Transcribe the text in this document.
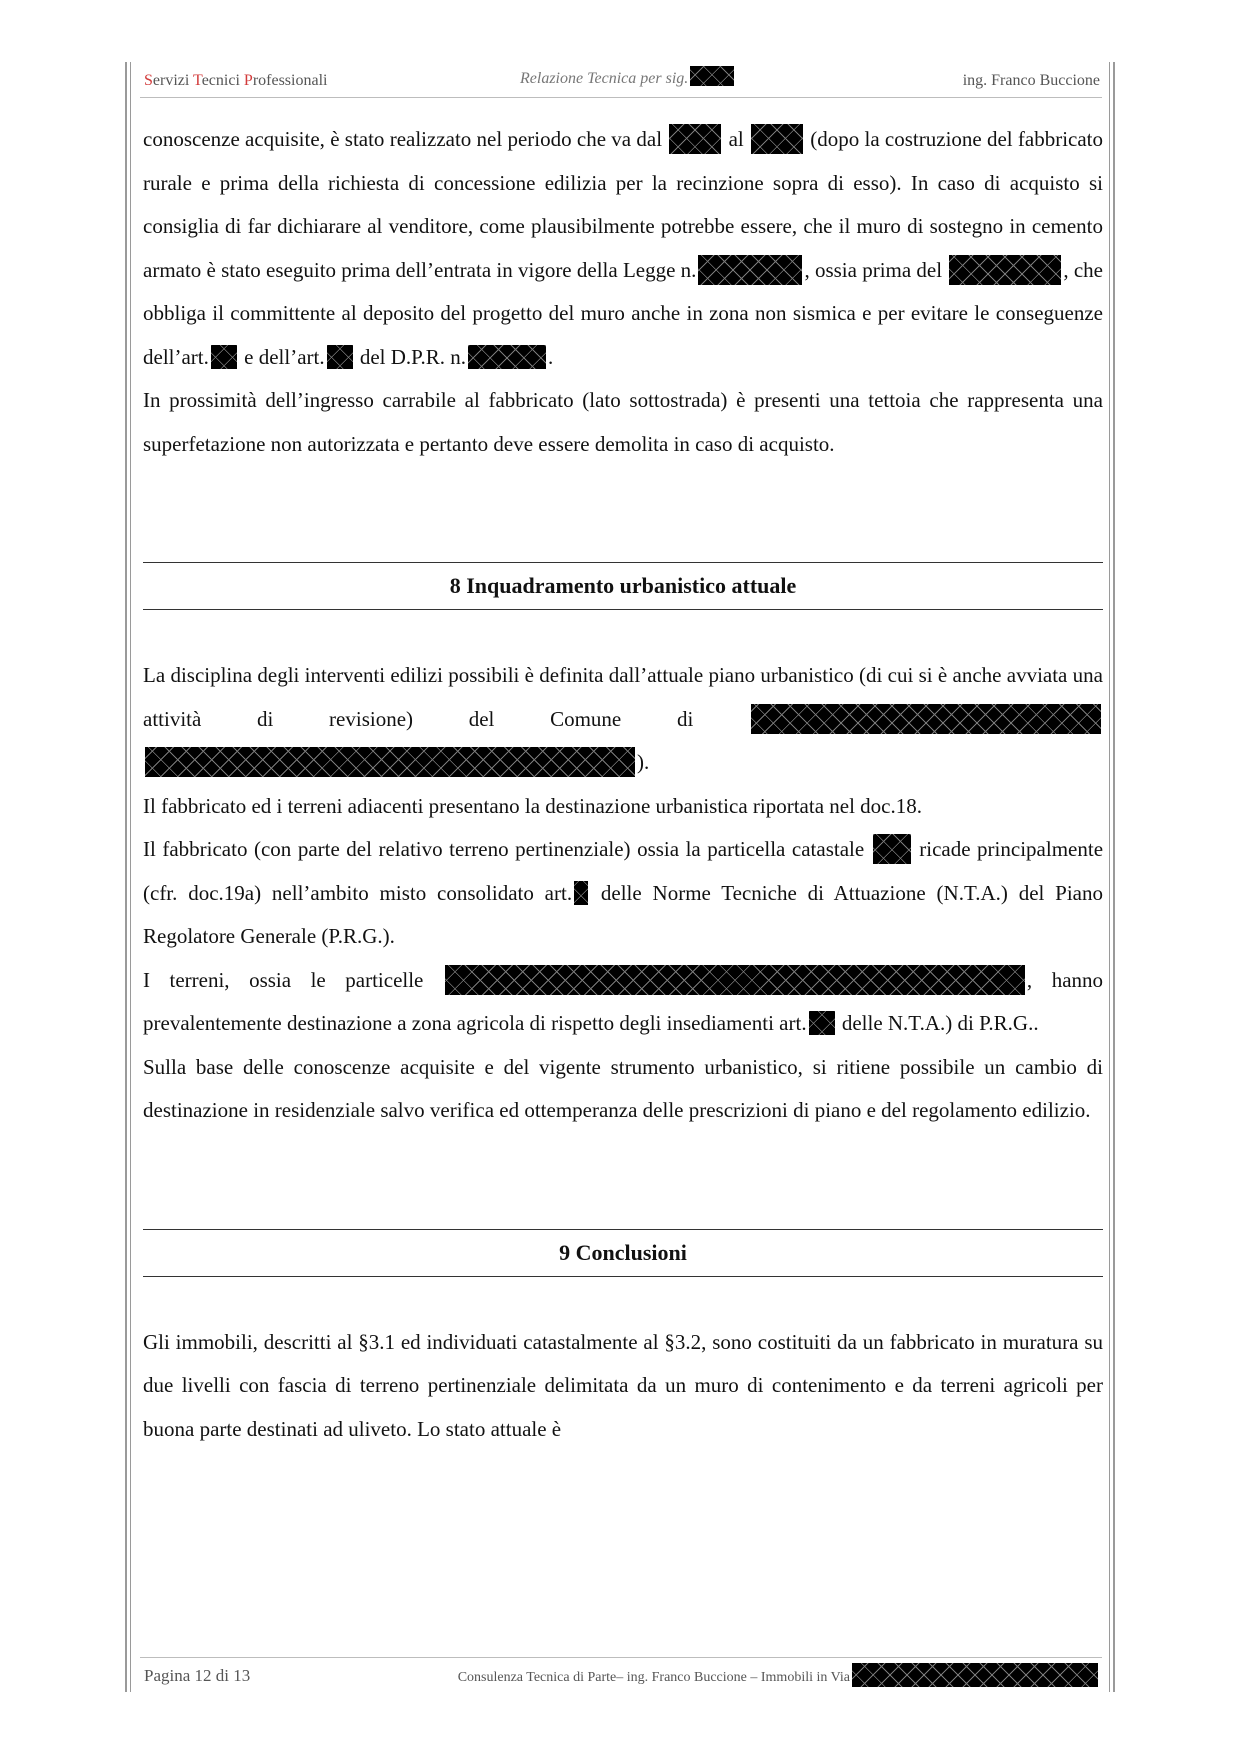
Servizi Tecnici Professionali	Relazione Tecnica per sig.	ing. Franco Buccione

conoscenze acquisite, è stato realizzato nel periodo che va dal	al	(dopo la costruzione del fabbricato rurale e prima della richiesta di concessione edilizia per la recinzione sopra di esso). In caso di acquisto si consiglia di far dichiarare al venditore, come plausibilmente potrebbe essere, che il muro di sostegno in cemento armato è stato eseguito prima dell’entrata in vigore della Legge n.	, ossia prima del	, che obbliga il committente al deposito del progetto del muro anche in zona non sismica e per evitare le conseguenze dell’art. e dell’art. del D.P.R. n.	.

In prossimità dell’ingresso carrabile al fabbricato (lato sottostrada) è presenti una tettoia che rappresenta una superfetazione non autorizzata e pertanto deve essere demolita in caso di acquisto.

8 Inquadramento urbanistico attuale

La disciplina degli interventi edilizi possibili è definita dall’attuale piano urbanistico (di cui si è anche avviata una attività di revisione) del Comune di  ).

Il fabbricato ed i terreni adiacenti presentano la destinazione urbanistica riportata nel doc.18.

Il fabbricato (con parte del relativo terreno pertinenziale) ossia la particella catastale	ricade principalmente (cfr. doc.19a) nell’ambito misto consolidato art. delle Norme Tecniche di Attuazione (N.T.A.) del Piano Regolatore Generale (P.R.G.).

I terreni, ossia le particelle	, hanno prevalentemente destinazione a zona agricola di rispetto degli insediamenti art. delle N.T.A.) di P.R.G..

Sulla base delle conoscenze acquisite e del vigente strumento urbanistico, si ritiene possibile un cambio di destinazione in residenziale salvo verifica ed ottemperanza delle prescrizioni di piano e del regolamento edilizio.

9 Conclusioni

Gli immobili, descritti al §3.1 ed individuati catastalmente al §3.2, sono costituiti da un fabbricato in muratura su due livelli con fascia di terreno pertinenziale delimitata da un muro di contenimento e da terreni agricoli per buona parte destinati ad uliveto. Lo stato attuale è

Pagina 12 di 13	Consulenza Tecnica di Parte– ing. Franco Buccione – Immobili in Via
